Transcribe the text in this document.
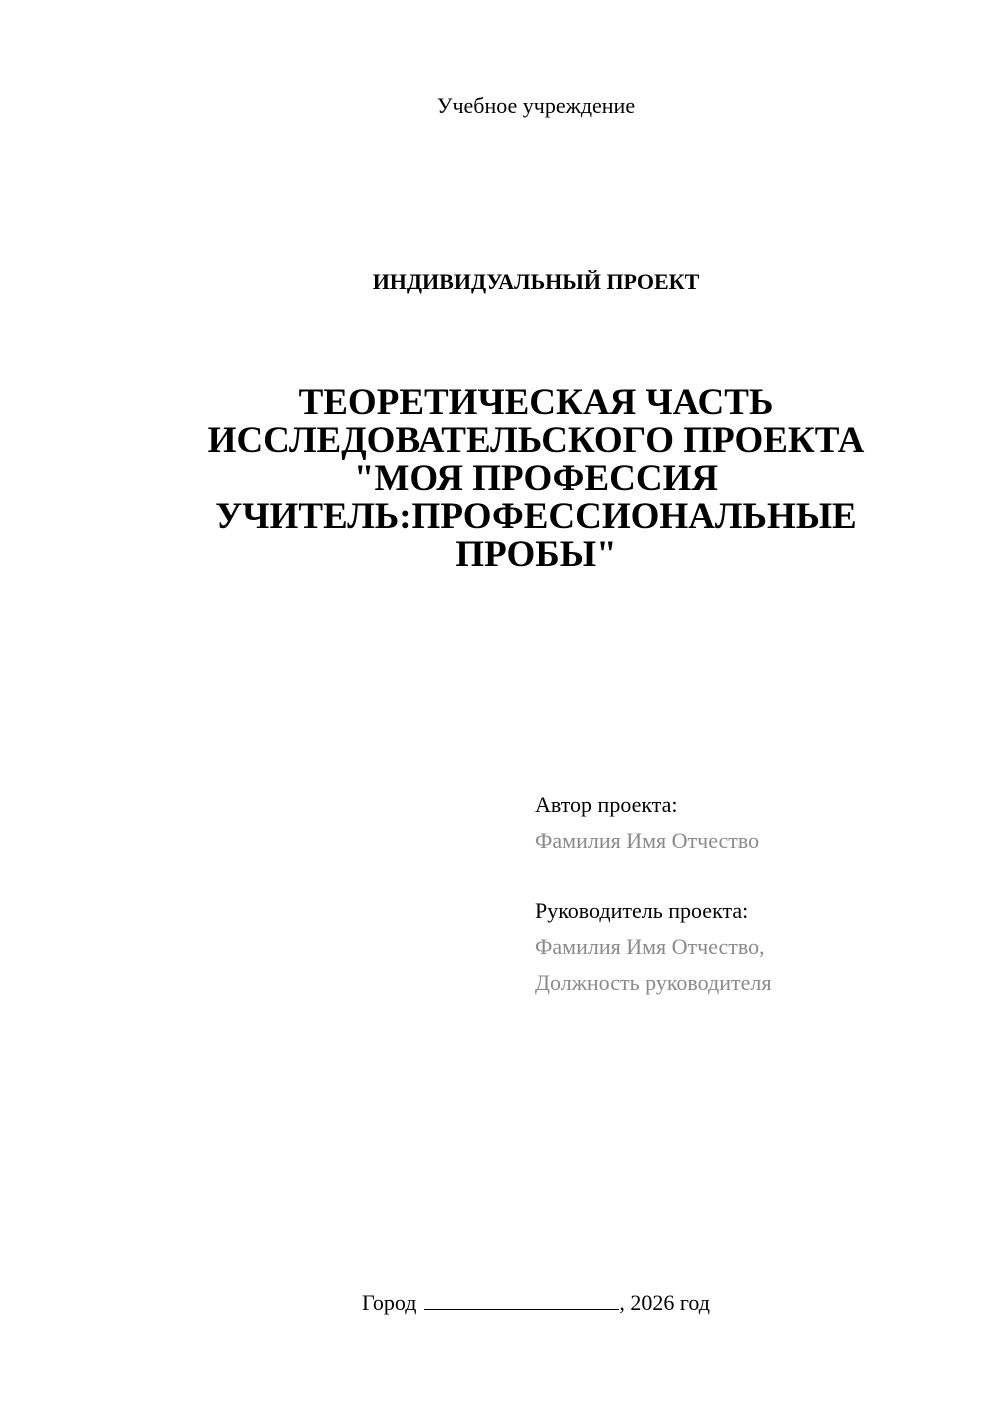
Учебное учреждение
ИНДИВИДУАЛЬНЫЙ ПРОЕКТ
ТЕОРЕТИЧЕСКАЯ ЧАСТЬ
ИССЛЕДОВАТЕЛЬСКОГО ПРОЕКТА
"МОЯ ПРОФЕССИЯ
УЧИТЕЛЬ:ПРОФЕССИОНАЛЬНЫЕ
ПРОБЫ"
Автор проекта:
Фамилия Имя Отчество
Руководитель проекта:
Фамилия Имя Отчество,
Должность руководителя
Город	, 2026 год
